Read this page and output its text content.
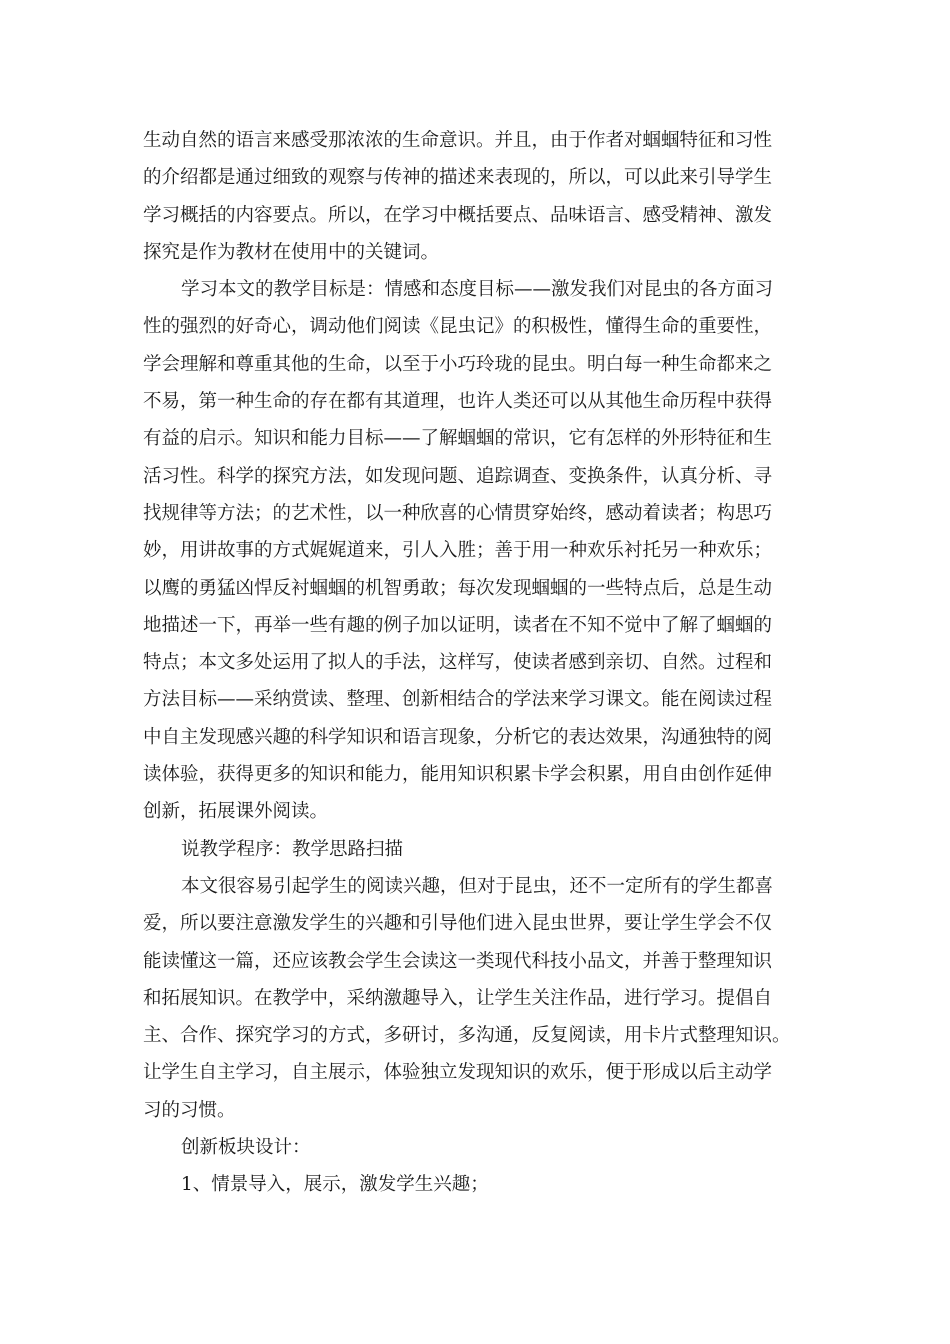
生动自然的语言来感受那浓浓的生命意识。并且，由于作者对蝈蝈特征和习性
的介绍都是通过细致的观察与传神的描述来表现的，所以，可以此来引导学生
学习概括的内容要点。所以，在学习中概括要点、品味语言、感受精神、激发
探究是作为教材在使用中的关键词。
学习本文的教学目标是：情感和态度目标——激发我们对昆虫的各方面习
性的强烈的好奇心，调动他们阅读《昆虫记》的积极性，懂得生命的重要性，
学会理解和尊重其他的生命，以至于小巧玲珑的昆虫。明白每一种生命都来之
不易，第一种生命的存在都有其道理，也许人类还可以从其他生命历程中获得
有益的启示。知识和能力目标——了解蝈蝈的常识，它有怎样的外形特征和生
活习性。科学的探究方法，如发现问题、追踪调查、变换条件，认真分析、寻
找规律等方法；的艺术性，以一种欣喜的心情贯穿始终，感动着读者；构思巧
妙，用讲故事的方式娓娓道来，引人入胜；善于用一种欢乐衬托另一种欢乐；
以鹰的勇猛凶悍反衬蝈蝈的机智勇敢；每次发现蝈蝈的一些特点后，总是生动
地描述一下，再举一些有趣的例子加以证明，读者在不知不觉中了解了蝈蝈的
特点；本文多处运用了拟人的手法，这样写，使读者感到亲切、自然。过程和
方法目标——采纳赏读、整理、创新相结合的学法来学习课文。能在阅读过程
中自主发现感兴趣的科学知识和语言现象，分析它的表达效果，沟通独特的阅
读体验，获得更多的知识和能力，能用知识积累卡学会积累，用自由创作延伸
创新，拓展课外阅读。
说教学程序：教学思路扫描
本文很容易引起学生的阅读兴趣，但对于昆虫，还不一定所有的学生都喜
爱，所以要注意激发学生的兴趣和引导他们进入昆虫世界，要让学生学会不仅
能读懂这一篇，还应该教会学生会读这一类现代科技小品文，并善于整理知识
和拓展知识。在教学中，采纳激趣导入，让学生关注作品，进行学习。提倡自
主、合作、探究学习的方式，多研讨，多沟通，反复阅读，用卡片式整理知识。
让学生自主学习，自主展示，体验独立发现知识的欢乐，便于形成以后主动学
习的习惯。
创新板块设计：
1、情景导入，展示，激发学生兴趣；
